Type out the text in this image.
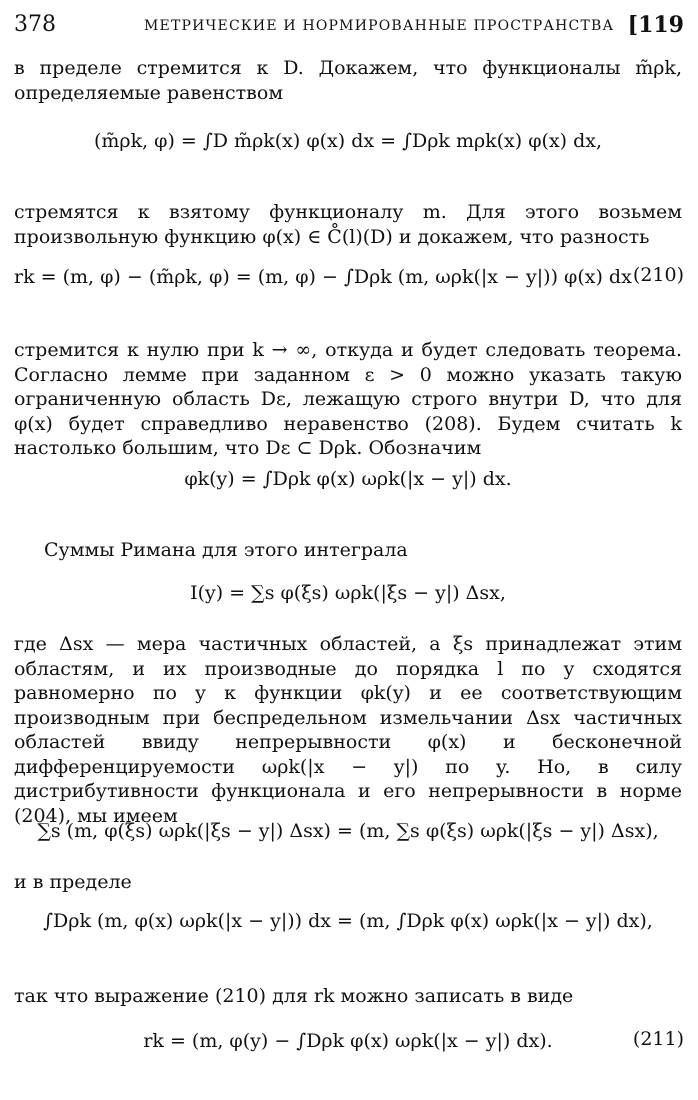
378	МЕТРИЧЕСКИЕ И НОРМИРОВАННЫЕ ПРОСТРАНСТВА [119
в пределе стремится к D. Докажем, что функционалы m̃ρk, определяемые равенством
(m̃ρk, φ) = ∫D m̃ρk(x) φ(x) dx = ∫Dρk mρk(x) φ(x) dx,
стремятся к взятому функционалу m. Для этого возьмем произвольную функцию φ(x) ∈ C̊(l)(D) и докажем, что разность
rk = (m, φ) − (m̃ρk, φ) = (m, φ) − ∫Dρk (m, ωρk(|x − y|)) φ(x) dx (210)
стремится к нулю при k → ∞, откуда и будет следовать теорема. Согласно лемме при заданном ε > 0 можно указать такую ограниченную область Dε, лежащую строго внутри D, что для φ(x) будет справедливо неравенство (208). Будем считать k настолько большим, что Dε ⊂ Dρk. Обозначим
φk(y) = ∫Dρk φ(x) ωρk(|x − y|) dx.
Суммы Римана для этого интеграла
I(y) = ∑s φ(ξs) ωρk(|ξs − y|) Δsx,
где Δsx — мера частичных областей, а ξs принадлежат этим областям, и их производные до порядка l по y сходятся равномерно по y к функции φk(y) и ее соответствующим производным при беспредельном измельчании Δsx частичных областей ввиду непрерывности φ(x) и бесконечной дифференцируемости ωρk(|x − y|) по y. Но, в силу дистрибутивности функционала и его непрерывности в норме (204), мы имеем
∑s (m, φ(ξs) ωρk(|ξs − y|) Δsx) = (m, ∑s φ(ξs) ωρk(|ξs − y|) Δsx),
и в пределе
∫Dρk (m, φ(x) ωρk(|x − y|)) dx = (m, ∫Dρk φ(x) ωρk(|x − y|) dx),
так что выражение (210) для rk можно записать в виде
rk = (m, φ(y) − ∫Dρk φ(x) ωρk(|x − y|) dx).	(211)
